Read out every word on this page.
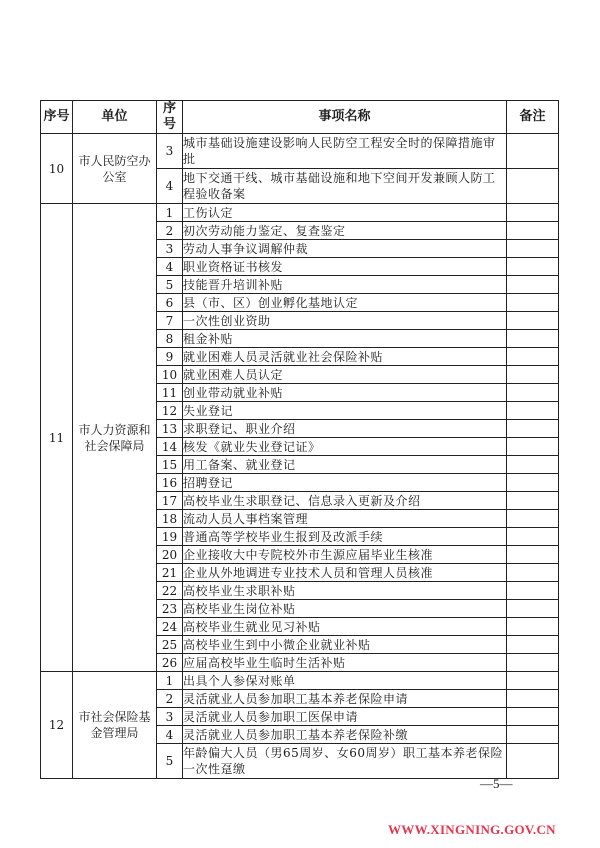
序号	单位	序号	事项名称	备注
10	市人民防空办公室	3	城市基础设施建设影响人民防空工程安全时的保障措施审批	
		4	地下交通干线、城市基础设施和地下空间开发兼顾人防工程验收备案	
11	市人力资源和社会保障局	1	工伤认定	
		2	初次劳动能力鉴定、复查鉴定	
		3	劳动人事争议调解仲裁	
		4	职业资格证书核发	
		5	技能晋升培训补贴	
		6	县（市、区）创业孵化基地认定	
		7	一次性创业资助	
		8	租金补贴	
		9	就业困难人员灵活就业社会保险补贴	
		10	就业困难人员认定	
		11	创业带动就业补贴	
		12	失业登记	
		13	求职登记、职业介绍	
		14	核发《就业失业登记证》	
		15	用工备案、就业登记	
		16	招聘登记	
		17	高校毕业生求职登记、信息录入更新及介绍	
		18	流动人员人事档案管理	
		19	普通高等学校毕业生报到及改派手续	
		20	企业接收大中专院校外市生源应届毕业生核准	
		21	企业从外地调进专业技术人员和管理人员核准	
		22	高校毕业生求职补贴	
		23	高校毕业生岗位补贴	
		24	高校毕业生就业见习补贴	
		25	高校毕业生到中小微企业就业补贴	
		26	应届高校毕业生临时生活补贴	
12	市社会保险基金管理局	1	出具个人参保对账单	
		2	灵活就业人员参加职工基本养老保险申请	
		3	灵活就业人员参加职工医保申请	
		4	灵活就业人员参加职工基本养老保险补缴	
		5	年龄偏大人员（男65周岁、女60周岁）职工基本养老保险一次性趸缴	
—5—
WWW.XINGNING.GOV.CN
